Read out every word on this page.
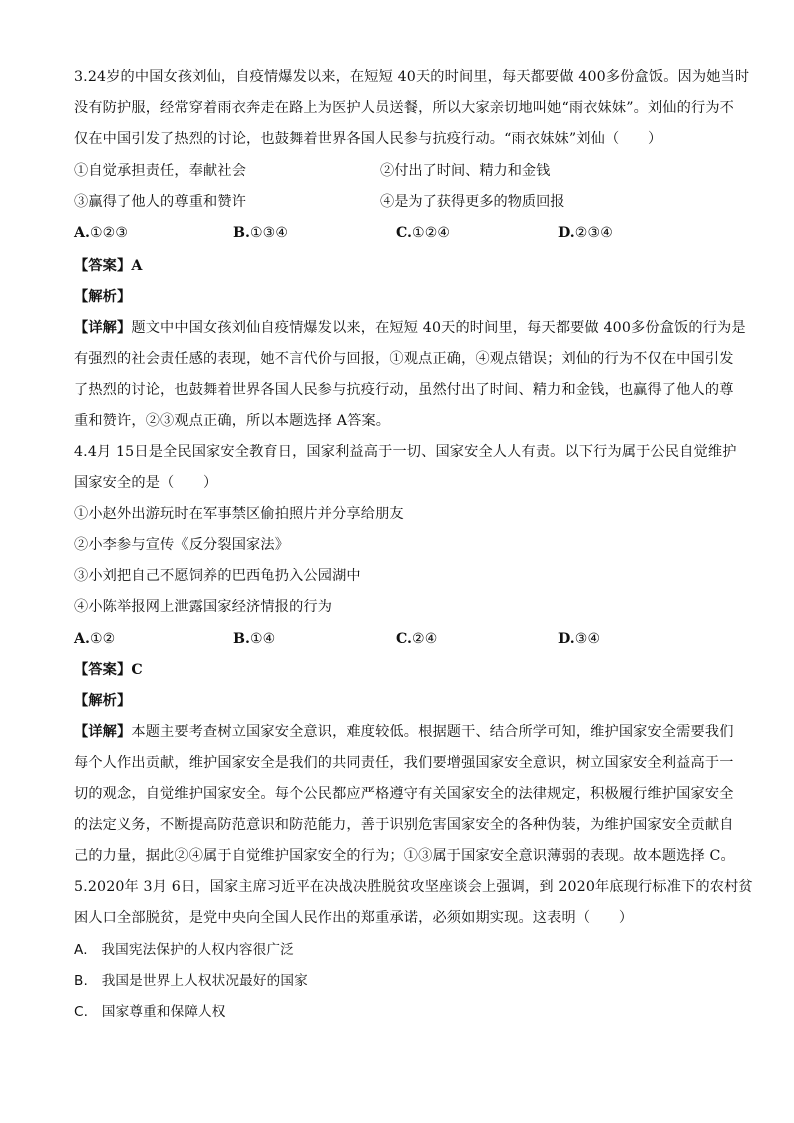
3.24岁的中国女孩刘仙，自疫情爆发以来，在短短 40天的时间里，每天都要做 400多份盒饭。因为她当时
没有防护服，经常穿着雨衣奔走在路上为医护人员送餐，所以大家亲切地叫她“雨衣妹妹”。刘仙的行为不
仅在中国引发了热烈的讨论，也鼓舞着世界各国人民参与抗疫行动。“雨衣妹妹”刘仙（　　）
①自觉承担责任，奉献社会	②付出了时间、精力和金钱
③赢得了他人的尊重和赞许	④是为了获得更多的物质回报
A.①②③	B.①③④	C.①②④	D.②③④
【答案】A
【解析】
【详解】题文中中国女孩刘仙自疫情爆发以来，在短短 40天的时间里，每天都要做 400多份盒饭的行为是
有强烈的社会责任感的表现，她不言代价与回报，①观点正确，④观点错误；刘仙的行为不仅在中国引发
了热烈的讨论，也鼓舞着世界各国人民参与抗疫行动，虽然付出了时间、精力和金钱，也赢得了他人的尊
重和赞许，②③观点正确，所以本题选择 A答案。
4.4月 15日是全民国家安全教育日，国家利益高于一切、国家安全人人有责。以下行为属于公民自觉维护
国家安全的是（　　）
①小赵外出游玩时在军事禁区偷拍照片并分享给朋友
②小李参与宣传《反分裂国家法》
③小刘把自己不愿饲养的巴西龟扔入公园湖中
④小陈举报网上泄露国家经济情报的行为
A.①②	B.①④	C.②④	D.③④
【答案】C
【解析】
【详解】本题主要考查树立国家安全意识，难度较低。根据题干、结合所学可知，维护国家安全需要我们
每个人作出贡献，维护国家安全是我们的共同责任，我们要增强国家安全意识，树立国家安全利益高于一
切的观念，自觉维护国家安全。每个公民都应严格遵守有关国家安全的法律规定，积极履行维护国家安全
的法定义务，不断提高防范意识和防范能力，善于识别危害国家安全的各种伪装，为维护国家安全贡献自
己的力量，据此②④属于自觉维护国家安全的行为；①③属于国家安全意识薄弱的表现。故本题选择 C。
5.2020年 3月 6日，国家主席习近平在决战决胜脱贫攻坚座谈会上强调，到 2020年底现行标准下的农村贫
困人口全部脱贫，是党中央向全国人民作出的郑重承诺，必须如期实现。这表明（　　）
A.　我国宪法保护的人权内容很广泛
B.　我国是世界上人权状况最好的国家
C.　国家尊重和保障人权
